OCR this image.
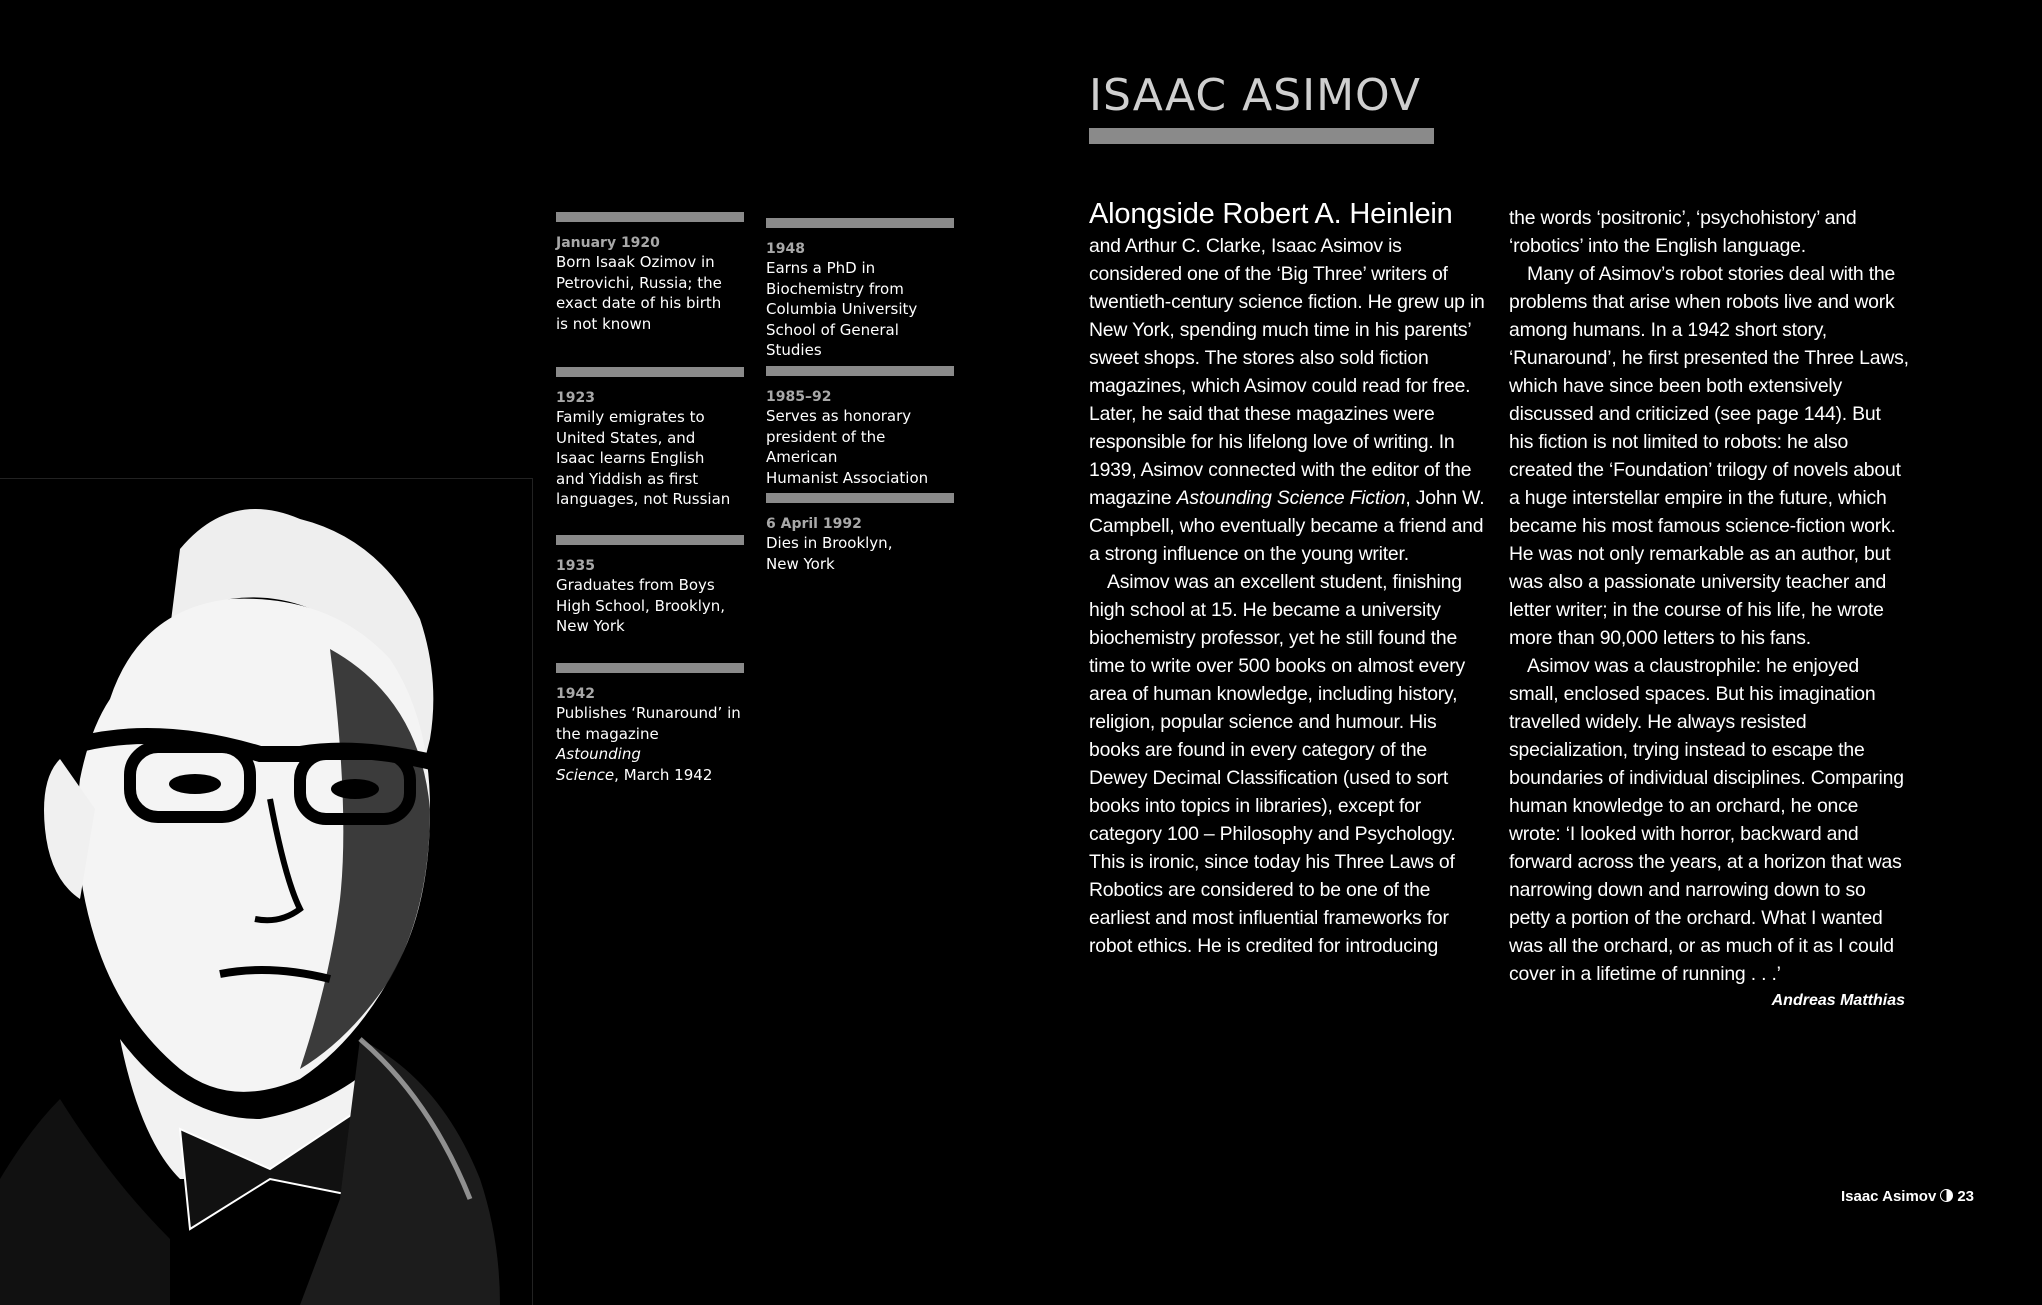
ISAAC ASIMOV
January 1920
Born Isaak Ozimov in
Petrovichi, Russia; the
exact date of his birth
is not known
1923
Family emigrates to
United States, and
Isaac learns English
and Yiddish as first
languages, not Russian
1935
Graduates from Boys
High School, Brooklyn,
New York
1942
Publishes ‘Runaround’ in
the magazine Astounding
Science, March 1942
1948
Earns a PhD in
Biochemistry from
Columbia University
School of General Studies
1985–92
Serves as honorary
president of the American
Humanist Association
6 April 1992
Dies in Brooklyn,
New York
Alongside Robert A. Heinlein

and Arthur C. Clarke, Isaac Asimov is considered one of the ‘Big Three’ writers of twentieth-century science fiction. He grew up in New York, spending much time in his parents’ sweet shops. The stores also sold fiction magazines, which Asimov could read for free. Later, he said that these magazines were responsible for his lifelong love of writing. In 1939, Asimov connected with the editor of the magazine Astounding Science Fiction, John W. Campbell, who eventually became a friend and a strong influence on the young writer.

Asimov was an excellent student, finishing high school at 15. He became a university biochemistry professor, yet he still found the time to write over 500 books on almost every area of human knowledge, including history, religion, popular science and humour. His books are found in every category of the Dewey Decimal Classification (used to sort books into topics in libraries), except for category 100 – Philosophy and Psychology. This is ironic, since today his Three Laws of Robotics are considered to be one of the earliest and most influential frameworks for robot ethics. He is credited for introducing

the words ‘positronic’, ‘psychohistory’ and ‘robotics’ into the English language.

Many of Asimov’s robot stories deal with the problems that arise when robots live and work among humans. In a 1942 short story, ‘Runaround’, he first presented the Three Laws, which have since been both extensively discussed and criticized (see page 144). But his fiction is not limited to robots: he also created the ‘Foundation’ trilogy of novels about a huge interstellar empire in the future, which became his most famous science-fiction work. He was not only remarkable as an author, but was also a passionate university teacher and letter writer; in the course of his life, he wrote more than 90,000 letters to his fans.

Asimov was a claustrophile: he enjoyed small, enclosed spaces. But his imagination travelled widely. He always resisted specialization, trying instead to escape the boundaries of individual disciplines. Comparing human knowledge to an orchard, he once wrote: ‘I looked with horror, backward and forward across the years, at a horizon that was narrowing down and narrowing down to so petty a portion of the orchard. What I wanted was all the orchard, or as much of it as I could cover in a lifetime of running . . .’

Andreas Matthias
Isaac Asimov 23
